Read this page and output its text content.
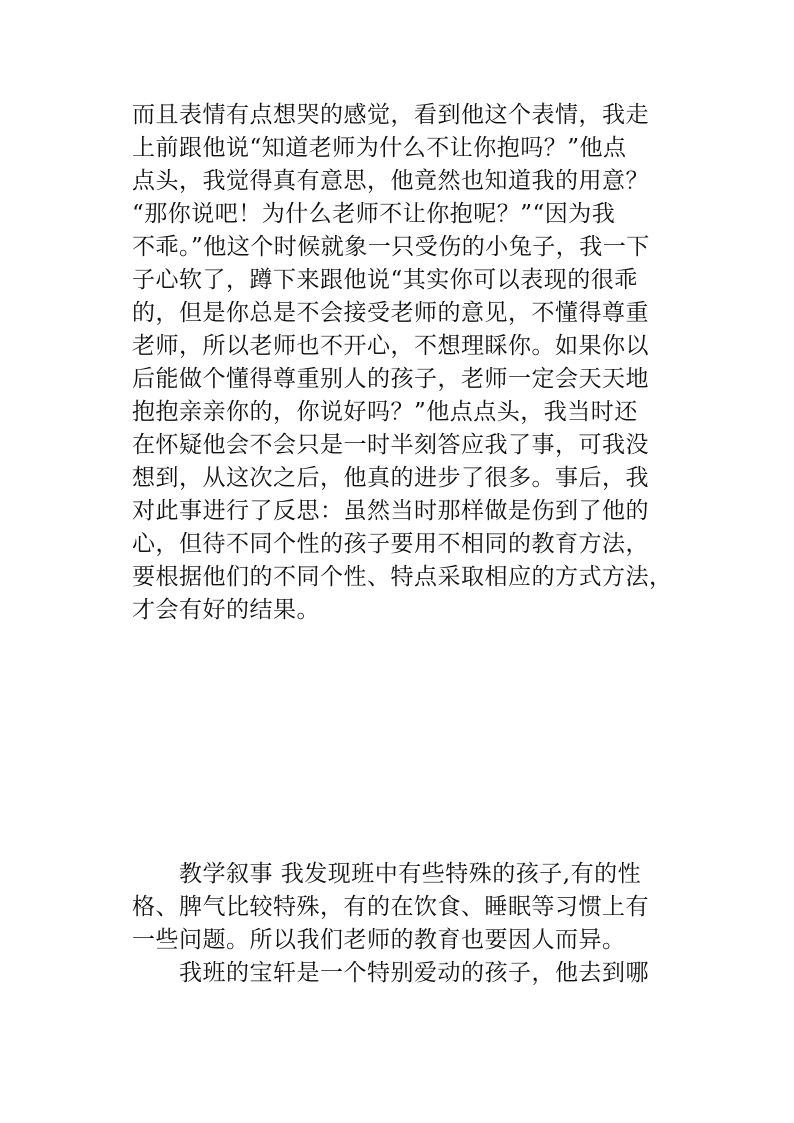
而且表情有点想哭的感觉，看到他这个表情，我走
上前跟他说“知道老师为什么不让你抱吗？”他点
点头，我觉得真有意思，他竟然也知道我的用意？
“那你说吧！为什么老师不让你抱呢？”“因为我
不乖。”他这个时候就象一只受伤的小兔子，我一下
子心软了，蹲下来跟他说“其实你可以表现的很乖
的，但是你总是不会接受老师的意见，不懂得尊重
老师，所以老师也不开心，不想理睬你。如果你以
后能做个懂得尊重别人的孩子，老师一定会天天地
抱抱亲亲你的，你说好吗？”他点点头，我当时还
在怀疑他会不会只是一时半刻答应我了事，可我没
想到，从这次之后，他真的进步了很多。事后，我
对此事进行了反思：虽然当时那样做是伤到了他的
心，但待不同个性的孩子要用不相同的教育方法，
要根据他们的不同个性、特点采取相应的方式方法，
才会有好的结果。
　　教学叙事 我发现班中有些特殊的孩子,有的性
格、脾气比较特殊，有的在饮食、睡眠等习惯上有
一些问题。所以我们老师的教育也要因人而异。
　　我班的宝轩是一个特别爱动的孩子，他去到哪
